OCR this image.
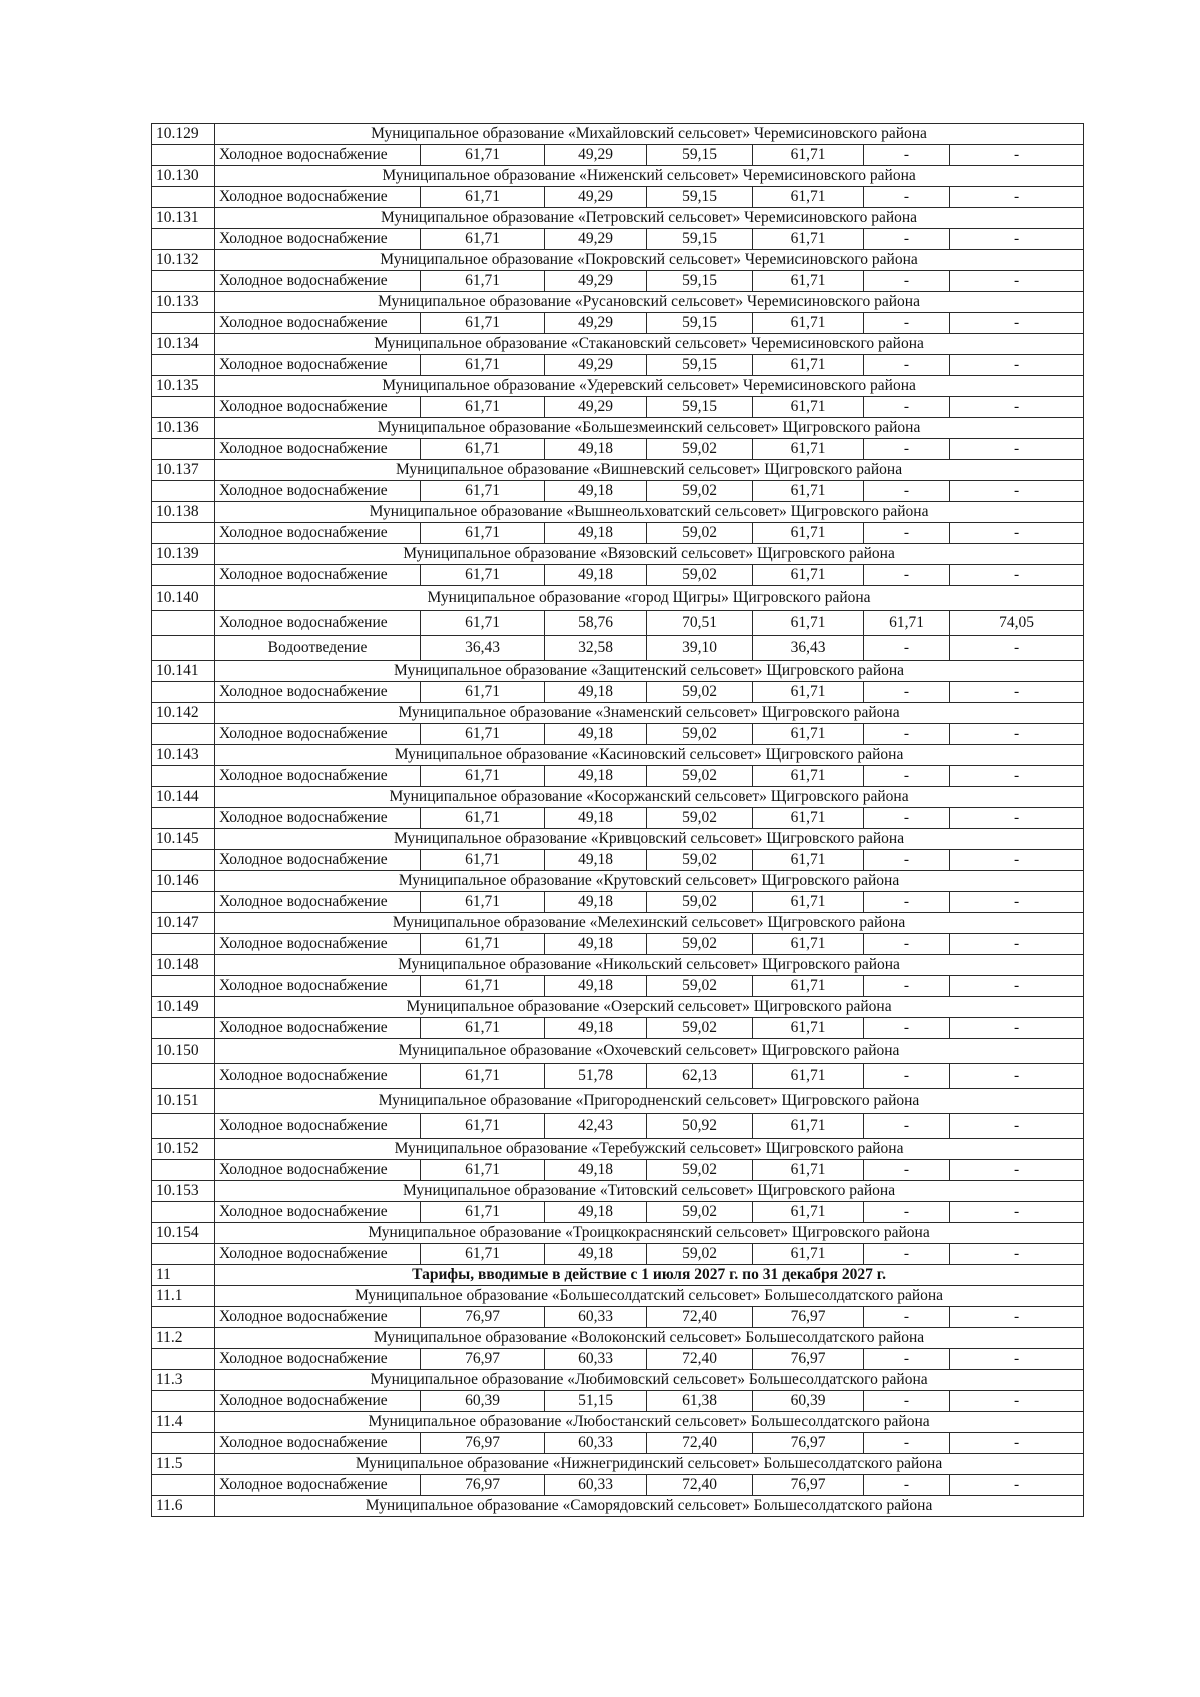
10.129	Муниципальное образование «Михайловский сельсовет» Черемисиновского района						
	Холодное водоснабжение	61,71	49,29	59,15	61,71	-	-
10.130	Муниципальное образование «Ниженский сельсовет» Черемисиновского района						
	Холодное водоснабжение	61,71	49,29	59,15	61,71	-	-
10.131	Муниципальное образование «Петровский сельсовет» Черемисиновского района						
	Холодное водоснабжение	61,71	49,29	59,15	61,71	-	-
10.132	Муниципальное образование «Покровский сельсовет» Черемисиновского района						
	Холодное водоснабжение	61,71	49,29	59,15	61,71	-	-
10.133	Муниципальное образование «Русановский сельсовет» Черемисиновского района						
	Холодное водоснабжение	61,71	49,29	59,15	61,71	-	-
10.134	Муниципальное образование «Стакановский сельсовет» Черемисиновского района						
	Холодное водоснабжение	61,71	49,29	59,15	61,71	-	-
10.135	Муниципальное образование «Удеревский сельсовет» Черемисиновского района						
	Холодное водоснабжение	61,71	49,29	59,15	61,71	-	-
10.136	Муниципальное образование «Большезмеинский сельсовет» Щигровского района						
	Холодное водоснабжение	61,71	49,18	59,02	61,71	-	-
10.137	Муниципальное образование «Вишневский сельсовет» Щигровского района						
	Холодное водоснабжение	61,71	49,18	59,02	61,71	-	-
10.138	Муниципальное образование «Вышнеольховатский сельсовет» Щигровского района						
	Холодное водоснабжение	61,71	49,18	59,02	61,71	-	-
10.139	Муниципальное образование «Вязовский сельсовет» Щигровского района						
	Холодное водоснабжение	61,71	49,18	59,02	61,71	-	-
10.140	Муниципальное образование «город Щигры» Щигровского района						
	Холодное водоснабжение	61,71	58,76	70,51	61,71	61,71	74,05
	Водоотведение	36,43	32,58	39,10	36,43	-	-
10.141	Муниципальное образование «Защитенский сельсовет» Щигровского района						
	Холодное водоснабжение	61,71	49,18	59,02	61,71	-	-
10.142	Муниципальное образование «Знаменский сельсовет» Щигровского района						
	Холодное водоснабжение	61,71	49,18	59,02	61,71	-	-
10.143	Муниципальное образование «Касиновский сельсовет» Щигровского района						
	Холодное водоснабжение	61,71	49,18	59,02	61,71	-	-
10.144	Муниципальное образование «Косоржанский сельсовет» Щигровского района						
	Холодное водоснабжение	61,71	49,18	59,02	61,71	-	-
10.145	Муниципальное образование «Кривцовский сельсовет» Щигровского района						
	Холодное водоснабжение	61,71	49,18	59,02	61,71	-	-
10.146	Муниципальное образование «Крутовский сельсовет» Щигровского района						
	Холодное водоснабжение	61,71	49,18	59,02	61,71	-	-
10.147	Муниципальное образование «Мелехинский сельсовет» Щигровского района						
	Холодное водоснабжение	61,71	49,18	59,02	61,71	-	-
10.148	Муниципальное образование «Никольский сельсовет» Щигровского района						
	Холодное водоснабжение	61,71	49,18	59,02	61,71	-	-
10.149	Муниципальное образование «Озерский сельсовет» Щигровского района						
	Холодное водоснабжение	61,71	49,18	59,02	61,71	-	-
10.150	Муниципальное образование «Охочевский сельсовет» Щигровского района						
	Холодное водоснабжение	61,71	51,78	62,13	61,71	-	-
10.151	Муниципальное образование «Пригородненский сельсовет» Щигровского района						
	Холодное водоснабжение	61,71	42,43	50,92	61,71	-	-
10.152	Муниципальное образование «Теребужский сельсовет» Щигровского района						
	Холодное водоснабжение	61,71	49,18	59,02	61,71	-	-
10.153	Муниципальное образование «Титовский сельсовет» Щигровского района						
	Холодное водоснабжение	61,71	49,18	59,02	61,71	-	-
10.154	Муниципальное образование «Троицкокраснянский сельсовет» Щигровского района						
	Холодное водоснабжение	61,71	49,18	59,02	61,71	-	-
11	Тарифы, вводимые в действие с 1 июля 2027 г. по 31 декабря 2027 г.						
11.1	Муниципальное образование «Большесолдатский сельсовет» Большесолдатского района						
	Холодное водоснабжение	76,97	60,33	72,40	76,97	-	-
11.2	Муниципальное образование «Волоконский сельсовет» Большесолдатского района						
	Холодное водоснабжение	76,97	60,33	72,40	76,97	-	-
11.3	Муниципальное образование «Любимовский сельсовет» Большесолдатского района						
	Холодное водоснабжение	60,39	51,15	61,38	60,39	-	-
11.4	Муниципальное образование «Любостанский сельсовет» Большесолдатского района						
	Холодное водоснабжение	76,97	60,33	72,40	76,97	-	-
11.5	Муниципальное образование «Нижнегридинский сельсовет» Большесолдатского района						
	Холодное водоснабжение	76,97	60,33	72,40	76,97	-	-
11.6	Муниципальное образование «Саморядовский сельсовет» Большесолдатского района						
